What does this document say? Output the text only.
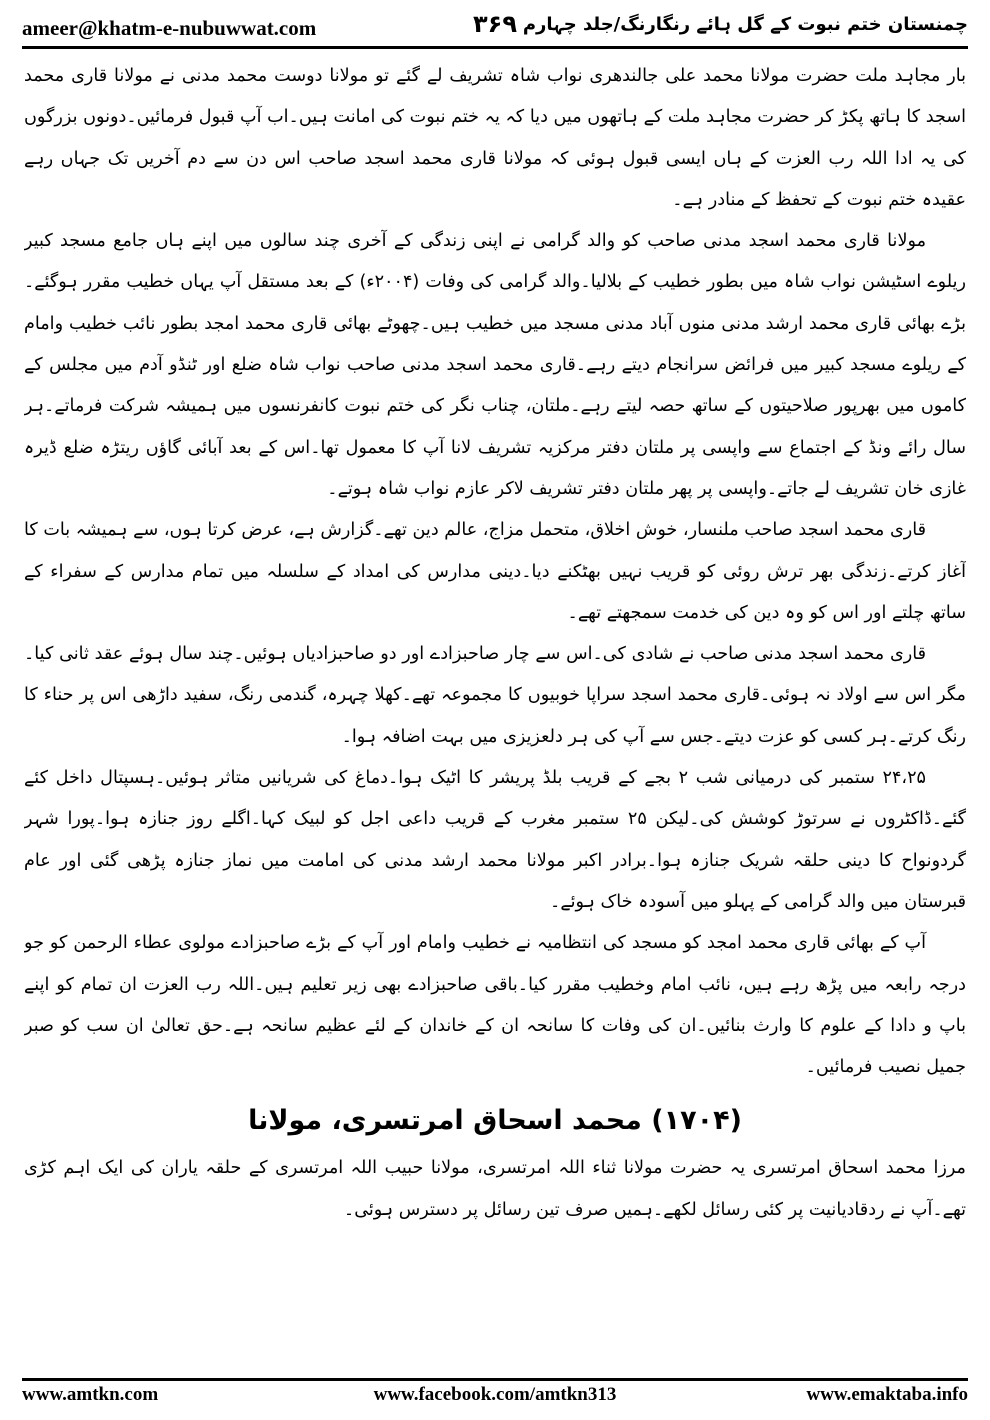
ameer@khatm-e-nubuwwat.com	۳۶۹ چمنستان ختم نبوت کے گل ہائے رنگارنگ/جلد چہارم

بار مجاہد ملت حضرت مولانا محمد علی جالندھری نواب شاہ تشریف لے گئے تو مولانا دوست محمد مدنی نے مولانا قاری محمد اسجد کا ہاتھ پکڑ کر حضرت مجاہد ملت کے ہاتھوں میں دیا کہ یہ ختم نبوت کی امانت ہیں۔اب آپ قبول فرمائیں۔دونوں بزرگوں کی یہ ادا اللہ رب العزت کے ہاں ایسی قبول ہوئی کہ مولانا قاری محمد اسجد صاحب اس دن سے دم آخریں تک جہاں رہے عقیدہ ختم نبوت کے تحفظ کے منادر ہے۔

مولانا قاری محمد اسجد مدنی صاحب کو والد گرامی نے اپنی زندگی کے آخری چند سالوں میں اپنے ہاں جامع مسجد کبیر ریلوے اسٹیشن نواب شاہ میں بطور خطیب کے بلالیا۔والد گرامی کی وفات (۲۰۰۴ء) کے بعد مستقل آپ یہاں خطیب مقرر ہوگئے۔بڑے بھائی قاری محمد ارشد مدنی منوں آباد مدنی مسجد میں خطیب ہیں۔چھوٹے بھائی قاری محمد امجد بطور نائب خطیب وامام کے ریلوے مسجد کبیر میں فرائض سرانجام دیتے رہے۔قاری محمد اسجد مدنی صاحب نواب شاہ ضلع اور ٹنڈو آدم میں مجلس کے کاموں میں بھرپور صلاحیتوں کے ساتھ حصہ لیتے رہے۔ملتان، چناب نگر کی ختم نبوت کانفرنسوں میں ہمیشہ شرکت فرماتے۔ہر سال رائے ونڈ کے اجتماع سے واپسی پر ملتان دفتر مرکزیہ تشریف لانا آپ کا معمول تھا۔اس کے بعد آبائی گاؤں ریتڑہ ضلع ڈیرہ غازی خان تشریف لے جاتے۔واپسی پر پھر ملتان دفتر تشریف لاکر عازم نواب شاہ ہوتے۔

قاری محمد اسجد صاحب ملنسار، خوش اخلاق، متحمل مزاج، عالم دین تھے۔گزارش ہے، عرض کرتا ہوں، سے ہمیشہ بات کا آغاز کرتے۔زندگی بھر ترش روئی کو قریب نہیں بھٹکنے دیا۔دینی مدارس کی امداد کے سلسلہ میں تمام مدارس کے سفراء کے ساتھ چلتے اور اس کو وہ دین کی خدمت سمجھتے تھے۔

قاری محمد اسجد مدنی صاحب نے شادی کی۔اس سے چار صاحبزادے اور دو صاحبزادیاں ہوئیں۔چند سال ہوئے عقد ثانی کیا۔مگر اس سے اولاد نہ ہوئی۔قاری محمد اسجد سراپا خوبیوں کا مجموعہ تھے۔کھلا چہرہ، گندمی رنگ، سفید داڑھی اس پر حناء کا رنگ کرتے۔ہر کسی کو عزت دیتے۔جس سے آپ کی ہر دلعزیزی میں بہت اضافہ ہوا۔

۲۴،۲۵ ستمبر کی درمیانی شب ۲ بجے کے قریب بلڈ پریشر کا اٹیک ہوا۔دماغ کی شریانیں متاثر ہوئیں۔ہسپتال داخل کئے گئے۔ڈاکٹروں نے سرتوڑ کوشش کی۔لیکن ۲۵ ستمبر مغرب کے قریب داعی اجل کو لبیک کہا۔اگلے روز جنازہ ہوا۔پورا شہر گردونواح کا دینی حلقہ شریک جنازہ ہوا۔برادر اکبر مولانا محمد ارشد مدنی کی امامت میں نماز جنازہ پڑھی گئی اور عام قبرستان میں والد گرامی کے پہلو میں آسودہ خاک ہوئے۔

آپ کے بھائی قاری محمد امجد کو مسجد کی انتظامیہ نے خطیب وامام اور آپ کے بڑے صاحبزادے مولوی عطاء الرحمن کو جو درجہ رابعہ میں پڑھ رہے ہیں، نائب امام وخطیب مقرر کیا۔باقی صاحبزادے بھی زیر تعلیم ہیں۔اللہ رب العزت ان تمام کو اپنے باپ و دادا کے علوم کا وارث بنائیں۔ان کی وفات کا سانحہ ان کے خاندان کے لئے عظیم سانحہ ہے۔حق تعالیٰ ان سب کو صبر جمیل نصیب فرمائیں۔

(۱۷۰۴) محمد اسحاق امرتسری، مولانا

مرزا محمد اسحاق امرتسری یہ حضرت مولانا ثناء اللہ امرتسری، مولانا حبیب اللہ امرتسری کے حلقہ یاران کی ایک اہم کڑی تھے۔آپ نے ردقادیانیت پر کئی رسائل لکھے۔ہمیں صرف تین رسائل پر دسترس ہوئی۔

www.amtkn.com	www.facebook.com/amtkn313	www.emaktaba.info
